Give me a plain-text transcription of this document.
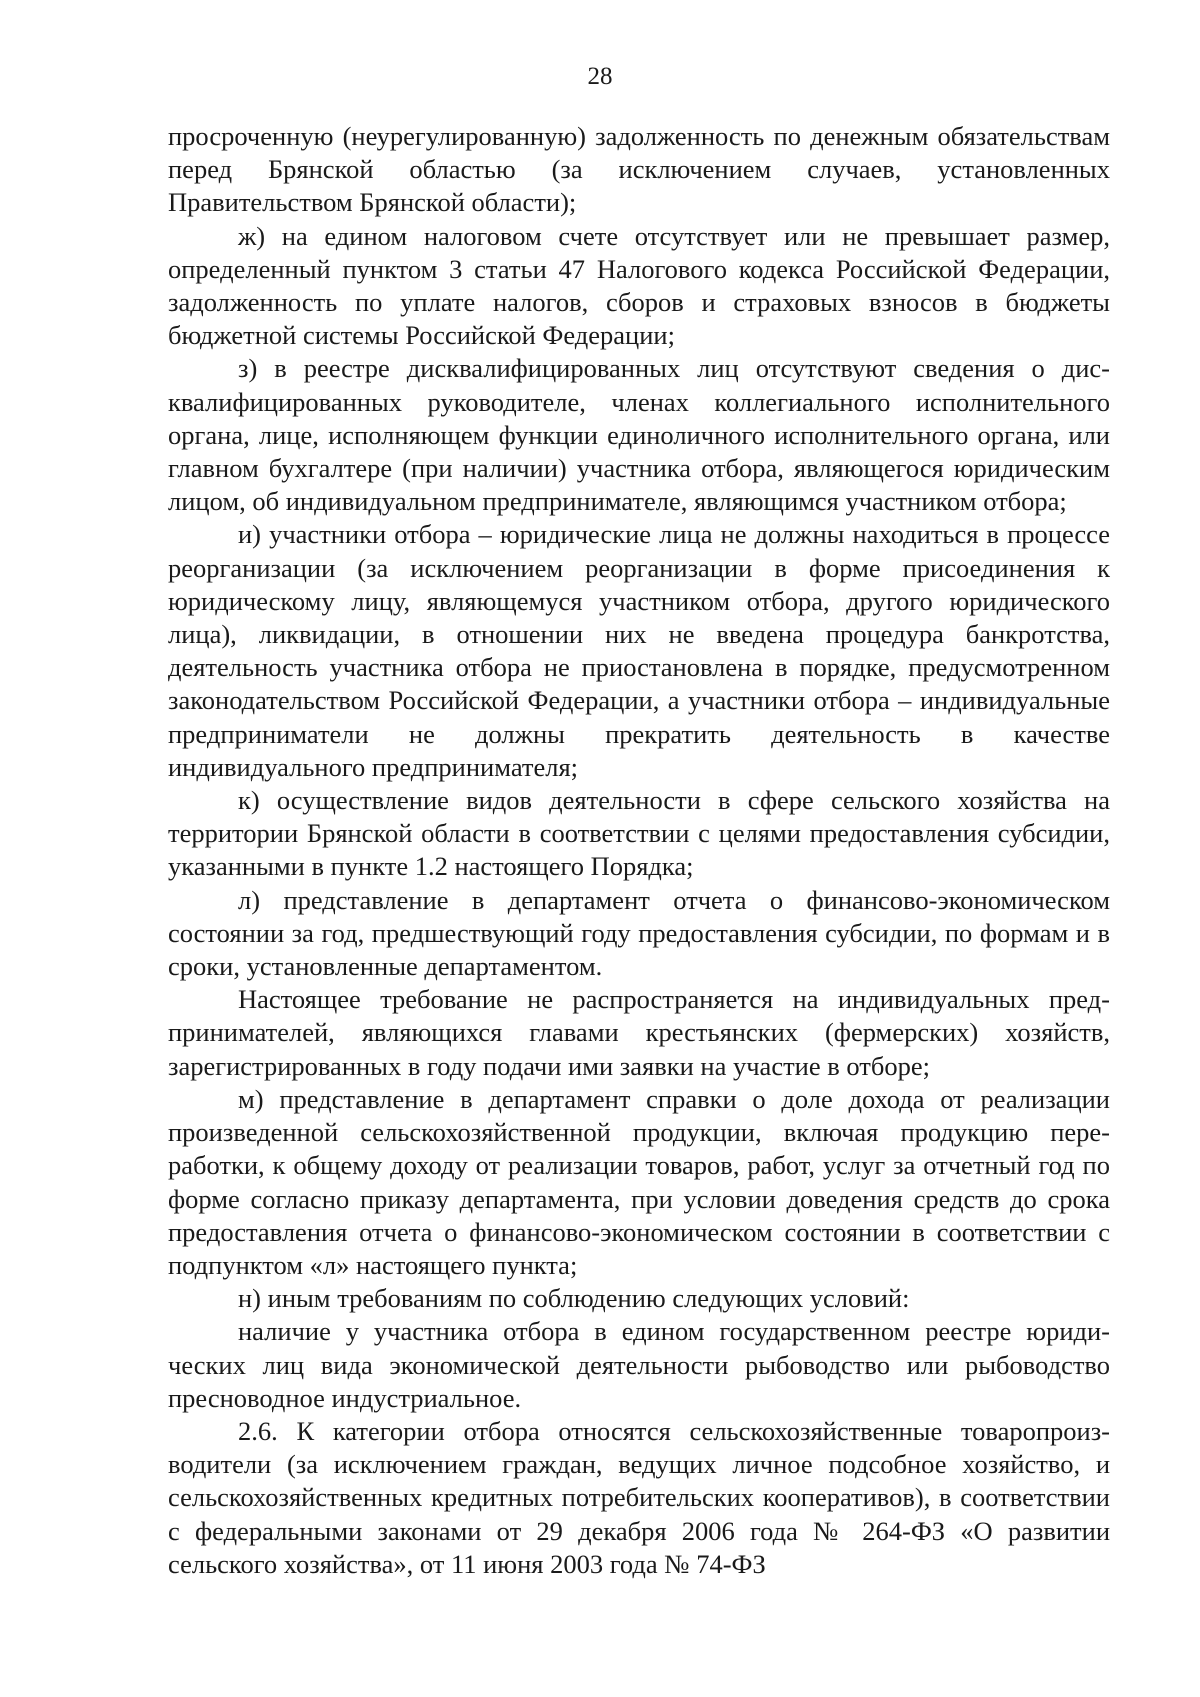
28

просроченную (неурегулированную) задолженность по денежным обязательствам перед Брянской областью (за исключением случаев, установленных Правительством Брянской области);

ж) на едином налоговом счете отсутствует или не превышает размер, определенный пунктом 3 статьи 47 Налогового кодекса Российской Федерации, задолженность по уплате налогов, сборов и страховых взносов в бюджеты бюджетной системы Российской Федерации;

з) в реестре дисквалифицированных лиц отсутствуют сведения о дисквалифицированных руководителе, членах коллегиального исполнительного органа, лице, исполняющем функции единоличного исполнительного органа, или главном бухгалтере (при наличии) участника отбора, являющегося юридическим лицом, об индивидуальном предпринимателе, являющимся участником отбора;

и) участники отбора – юридические лица не должны находиться в процессе реорганизации (за исключением реорганизации в форме присоединения к юридическому лицу, являющемуся участником отбора, другого юридического лица), ликвидации, в отношении них не введена процедура банкротства, деятельность участника отбора не приостановлена в порядке, предусмотренном законодательством Российской Федерации, а участники отбора – индивидуальные предприниматели не должны прекратить деятельность в качестве индивидуального предпринимателя;

к) осуществление видов деятельности в сфере сельского хозяйства на территории Брянской области в соответствии с целями предоставления субсидии, указанными в пункте 1.2 настоящего Порядка;

л) представление в департамент отчета о финансово-экономическом состоянии за год, предшествующий году предоставления субсидии, по формам и в сроки, установленные департаментом.

Настоящее требование не распространяется на индивидуальных предпринимателей, являющихся главами крестьянских (фермерских) хозяйств, зарегистрированных в году подачи ими заявки на участие в отборе;

м) представление в департамент справки о доле дохода от реализации произведенной сельскохозяйственной продукции, включая продукцию переработки, к общему доходу от реализации товаров, работ, услуг за отчетный год по форме согласно приказу департамента, при условии доведения средств до срока предоставления отчета о финансово-экономическом состоянии в соответствии с подпунктом «л» настоящего пункта;

н) иным требованиям по соблюдению следующих условий:

наличие у участника отбора в едином государственном реестре юридических лиц вида экономической деятельности рыбоводство или рыбоводство пресноводное индустриальное.

2.6. К категории отбора относятся сельскохозяйственные товаропроизводители (за исключением граждан, ведущих личное подсобное хозяйство, и сельскохозяйственных кредитных потребительских кооперативов), в соответствии с федеральными законами от 29 декабря 2006 года № 264-ФЗ «О развитии сельского хозяйства», от 11 июня 2003 года № 74-ФЗ
